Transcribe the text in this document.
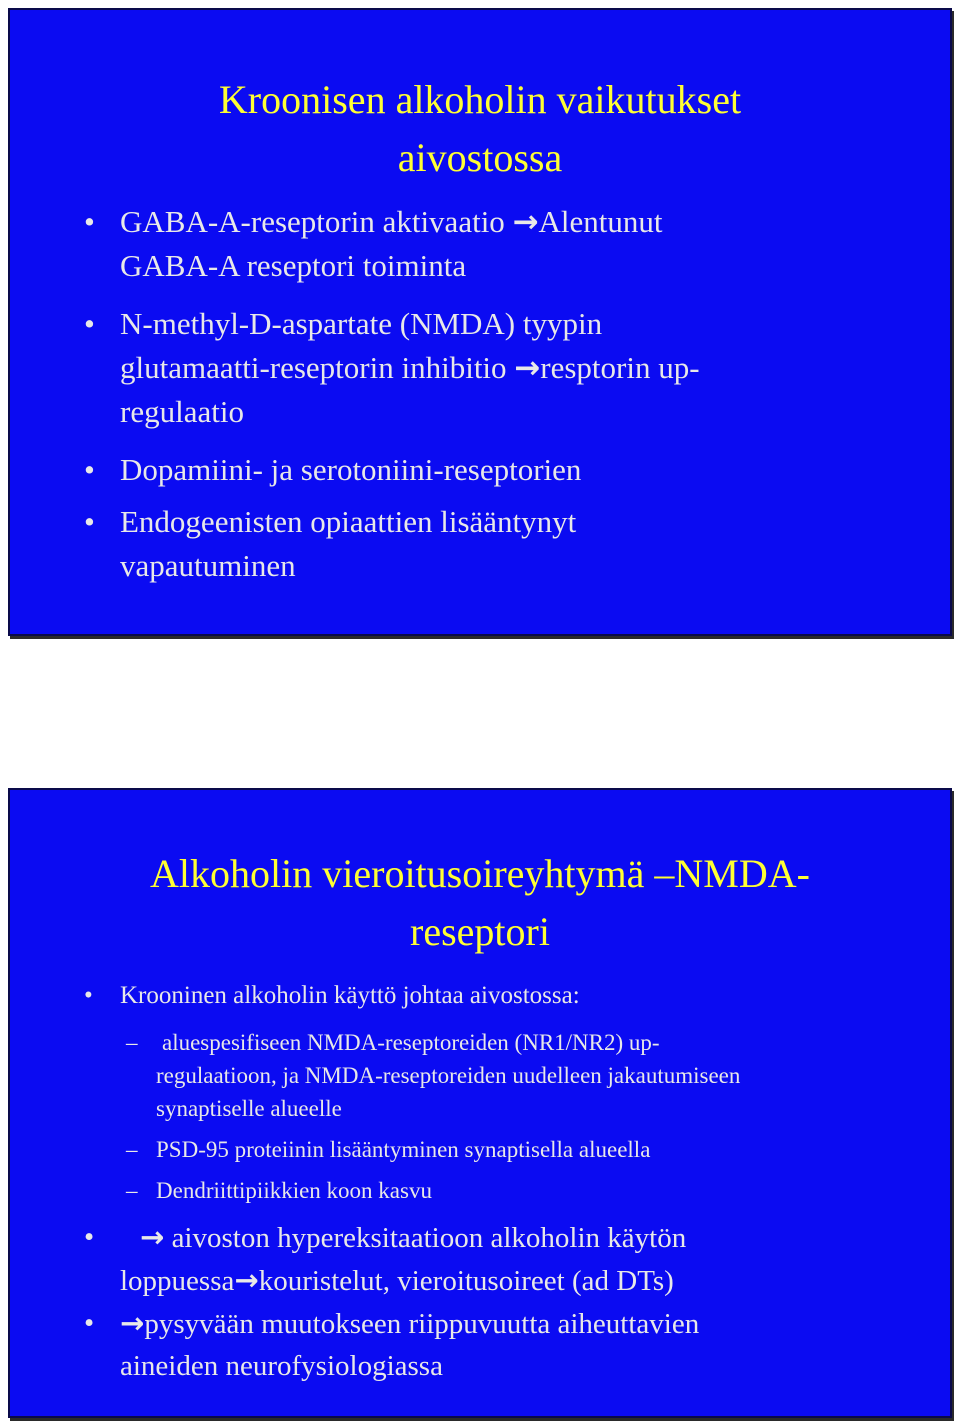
Kroonisen alkoholin vaikutukset
aivostossa
• GABA-A-reseptorin aktivaatio →Alentunut
GABA-A reseptori toiminta
• N-methyl-D-aspartate (NMDA) tyypin
glutamaatti-reseptorin inhibitio →resptorin up-
regulaatio
• Dopamiini- ja serotoniini-reseptorien
• Endogeenisten opiaattien lisääntynyt
vapautuminen
Alkoholin vieroitusoireyhtymä –NMDA-
reseptori
• Krooninen alkoholin käyttö johtaa aivostossa:
– aluespesifiseen NMDA-reseptoreiden (NR1/NR2) up-
regulaatioon, ja NMDA-reseptoreiden uudelleen jakautumiseen
synaptiselle alueelle
– PSD-95 proteiinin lisääntyminen synaptisella alueella
– Dendriittipiikkien koon kasvu
•	→ aivoston hypereksitaatioon alkoholin käytön
loppuessa→kouristelut, vieroitusoireet (ad DTs)
• →pysyvään muutokseen riippuvuutta aiheuttavien
aineiden neurofysiologiassa
